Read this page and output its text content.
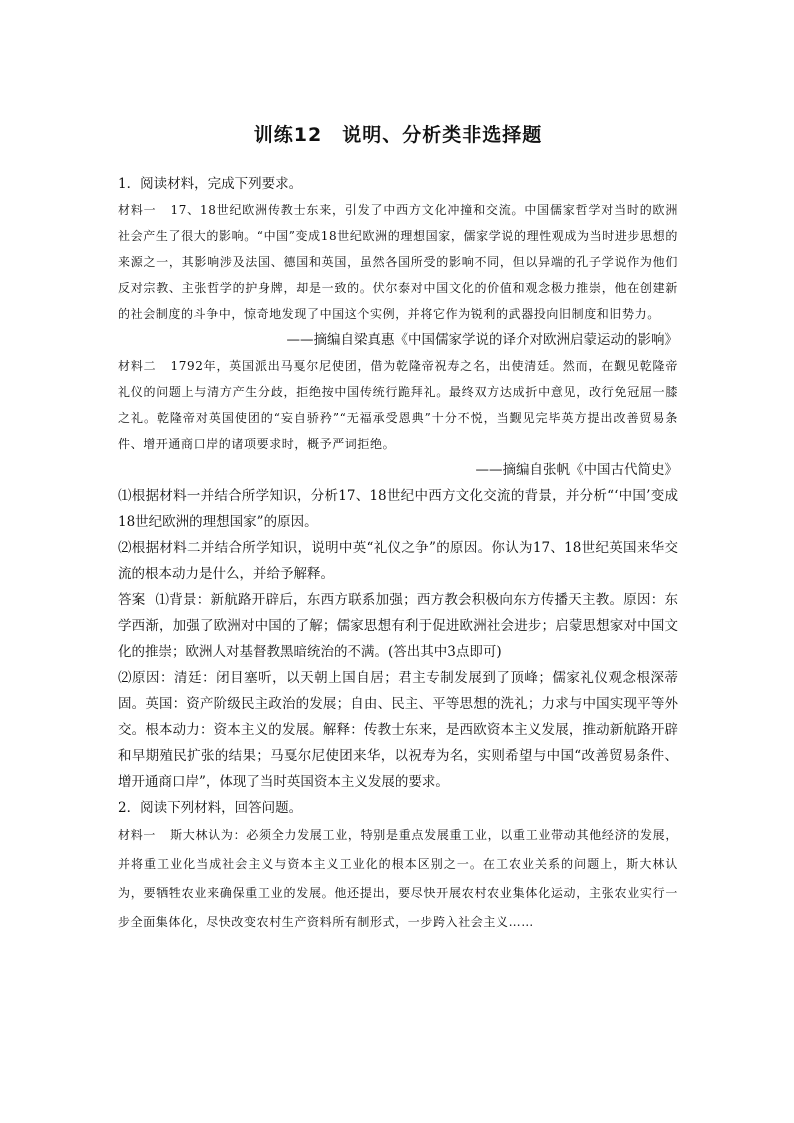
训练12　说明、分析类非选择题

1．阅读材料，完成下列要求。

材料一 17、18世纪欧洲传教士东来，引发了中西方文化冲撞和交流。中国儒家哲学对当时的欧洲社会产生了很大的影响。“中国”变成18世纪欧洲的理想国家，儒家学说的理性观成为当时进步思想的来源之一，其影响涉及法国、德国和英国，虽然各国所受的影响不同，但以异端的孔子学说作为他们反对宗教、主张哲学的护身牌，却是一致的。伏尔泰对中国文化的价值和观念极力推崇，他在创建新的社会制度的斗争中，惊奇地发现了中国这个实例，并将它作为锐利的武器投向旧制度和旧势力。

——摘编自梁真惠《中国儒家学说的译介对欧洲启蒙运动的影响》

材料二 1792年，英国派出马戛尔尼使团，借为乾隆帝祝寿之名，出使清廷。然而，在觐见乾隆帝礼仪的问题上与清方产生分歧，拒绝按中国传统行跪拜礼。最终双方达成折中意见，改行免冠屈一膝之礼。乾隆帝对英国使团的“妄自骄矜”“无福承受恩典”十分不悦，当觐见完毕英方提出改善贸易条件、增开通商口岸的诸项要求时，概予严词拒绝。

——摘编自张帆《中国古代简史》

⑴根据材料一并结合所学知识，分析17、18世纪中西方文化交流的背景，并分析“‘中国’变成18世纪欧洲的理想国家”的原因。

⑵根据材料二并结合所学知识，说明中英“礼仪之争”的原因。你认为17、18世纪英国来华交流的根本动力是什么，并给予解释。

答案 ⑴背景：新航路开辟后，东西方联系加强；西方教会积极向东方传播天主教。原因：东学西渐，加强了欧洲对中国的了解；儒家思想有利于促进欧洲社会进步；启蒙思想家对中国文化的推崇；欧洲人对基督教黑暗统治的不满。(答出其中3点即可)

⑵原因：清廷：闭目塞听，以天朝上国自居；君主专制发展到了顶峰；儒家礼仪观念根深蒂固。英国：资产阶级民主政治的发展；自由、民主、平等思想的洗礼；力求与中国实现平等外交。根本动力：资本主义的发展。解释：传教士东来，是西欧资本主义发展，推动新航路开辟和早期殖民扩张的结果；马戛尔尼使团来华，以祝寿为名，实则希望与中国“改善贸易条件、增开通商口岸”，体现了当时英国资本主义发展的要求。

2．阅读下列材料，回答问题。

材料一 斯大林认为：必须全力发展工业，特别是重点发展重工业，以重工业带动其他经济的发展，并将重工业化当成社会主义与资本主义工业化的根本区别之一。在工农业关系的问题上，斯大林认为，要牺牲农业来确保重工业的发展。他还提出，要尽快开展农村农业集体化运动，主张农业实行一步全面集体化，尽快改变农村生产资料所有制形式，一步跨入社会主义……
